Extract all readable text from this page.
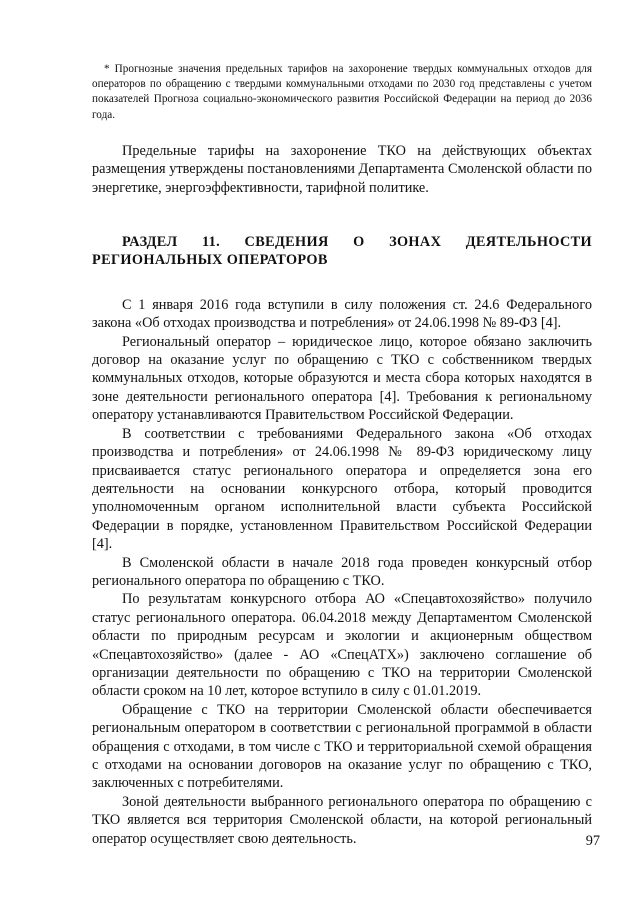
* Прогнозные значения предельных тарифов на захоронение твердых коммунальных отходов для операторов по обращению с твердыми коммунальными отходами по 2030 год представлены с учетом показателей Прогноза социально-экономического развития Российской Федерации на период до 2036 года.

Предельные тарифы на захоронение ТКО на действующих объектах размещения утверждены постановлениями Департамента Смоленской области по энергетике, энергоэффективности, тарифной политике.

РАЗДЕЛ 11. СВЕДЕНИЯ О ЗОНАХ ДЕЯТЕЛЬНОСТИ РЕГИОНАЛЬНЫХ ОПЕРАТОРОВ

С 1 января 2016 года вступили в силу положения ст. 24.6 Федерального закона «Об отходах производства и потребления» от 24.06.1998 № 89-ФЗ [4].

Региональный оператор – юридическое лицо, которое обязано заключить договор на оказание услуг по обращению с ТКО с собственником твердых коммунальных отходов, которые образуются и места сбора которых находятся в зоне деятельности регионального оператора [4]. Требования к региональному оператору устанавливаются Правительством Российской Федерации.

В соответствии с требованиями Федерального закона «Об отходах производства и потребления» от 24.06.1998 № 89-ФЗ юридическому лицу присваивается статус регионального оператора и определяется зона его деятельности на основании конкурсного отбора, который проводится уполномоченным органом исполнительной власти субъекта Российской Федерации в порядке, установленном Правительством Российской Федерации [4].

В Смоленской области в начале 2018 года проведен конкурсный отбор регионального оператора по обращению с ТКО.

По результатам конкурсного отбора АО «Спецавтохозяйство» получило статус регионального оператора. 06.04.2018 между Департаментом Смоленской области по природным ресурсам и экологии и акционерным обществом «Спецавтохозяйство» (далее - АО «СпецАТХ») заключено соглашение об организации деятельности по обращению с ТКО на территории Смоленской области сроком на 10 лет, которое вступило в силу с 01.01.2019.

Обращение с ТКО на территории Смоленской области обеспечивается региональным оператором в соответствии с региональной программой в области обращения с отходами, в том числе с ТКО и территориальной схемой обращения с отходами на основании договоров на оказание услуг по обращению с ТКО, заключенных с потребителями.

Зоной деятельности выбранного регионального оператора по обращению с ТКО является вся территория Смоленской области, на которой региональный оператор осуществляет свою деятельность.	97
